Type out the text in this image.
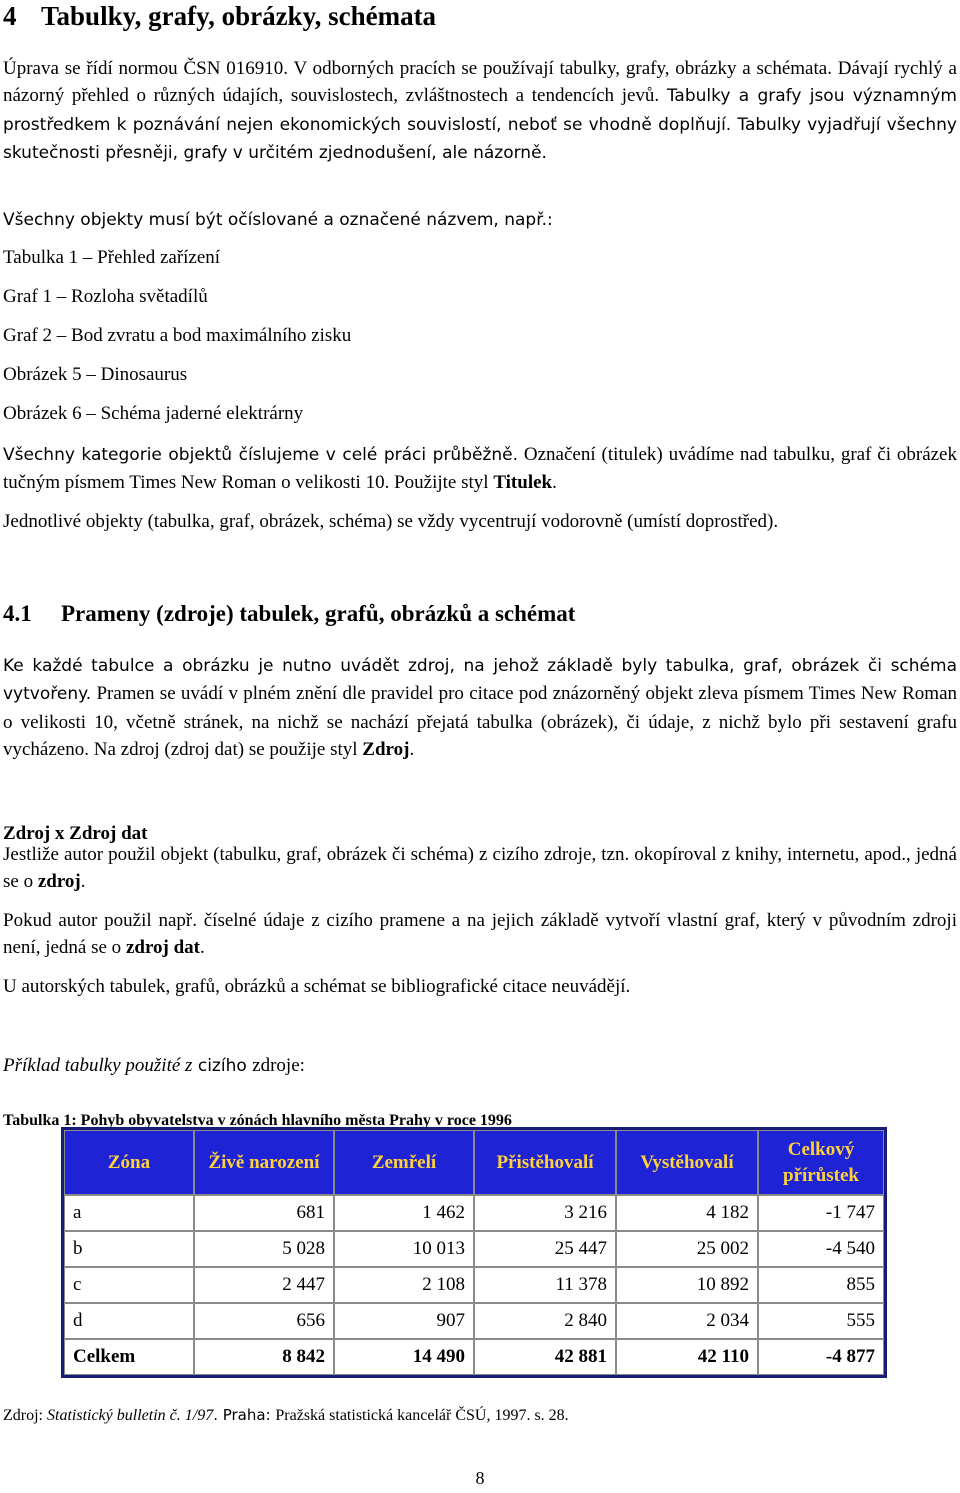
4 Tabulky, grafy, obrázky, schémata

Úprava se řídí normou ČSN 016910. V odborných pracích se používají tabulky, grafy, obrázky a schémata. Dávají rychlý a názorný přehled o různých údajích, souvislostech, zvláštnostech a tendencích jevů. Tabulky a grafy jsou významným prostředkem k poznávání nejen ekonomických souvislostí, neboť se vhodně doplňují. Tabulky vyjadřují všechny skutečnosti přesněji, grafy v určitém zjednodušení, ale názorně.

Všechny objekty musí být očíslované a označené názvem, např.:

Tabulka 1 – Přehled zařízení

Graf 1 – Rozloha světadílů

Graf 2 – Bod zvratu a bod maximálního zisku

Obrázek 5 – Dinosaurus

Obrázek 6 – Schéma jaderné elektrárny

Všechny kategorie objektů číslujeme v celé práci průběžně. Označení (titulek) uvádíme nad tabulku, graf či obrázek tučným písmem Times New Roman o velikosti 10. Použijte styl Titulek.

Jednotlivé objekty (tabulka, graf, obrázek, schéma) se vždy vycentrují vodorovně (umístí doprostřed).

4.1 Prameny (zdroje) tabulek, grafů, obrázků a schémat

Ke každé tabulce a obrázku je nutno uvádět zdroj, na jehož základě byly tabulka, graf, obrázek či schéma vytvořeny. Pramen se uvádí v plném znění dle pravidel pro citace pod znázorněný objekt zleva písmem Times New Roman o velikosti 10, včetně stránek, na nichž se nachází přejatá tabulka (obrázek), či údaje, z nichž bylo při sestavení grafu vycházeno. Na zdroj (zdroj dat) se použije styl Zdroj.

Zdroj x Zdroj dat

Jestliže autor použil objekt (tabulku, graf, obrázek či schéma) z cizího zdroje, tzn. okopíroval z knihy, internetu, apod., jedná se o zdroj.

Pokud autor použil např. číselné údaje z cizího pramene a na jejich základě vytvoří vlastní graf, který v původním zdroji není, jedná se o zdroj dat.

U autorských tabulek, grafů, obrázků a schémat se bibliografické citace neuvádějí.

Příklad tabulky použité z cizího zdroje:

Tabulka 1: Pohyb obyvatelstva v zónách hlavního města Prahy v roce 1996

Zóna	Živě narození	Zemřelí	Přistěhovalí	Vystěhovalí	Celkový přírůstek
a	681	1 462	3 216	4 182	-1 747
b	5 028	10 013	25 447	25 002	-4 540
c	2 447	2 108	11 378	10 892	855
d	656	907	2 840	2 034	555
Celkem	8 842	14 490	42 881	42 110	-4 877

Zdroj: Statistický bulletin č. 1/97. Praha: Pražská statistická kancelář ČSÚ, 1997. s. 28.

8
